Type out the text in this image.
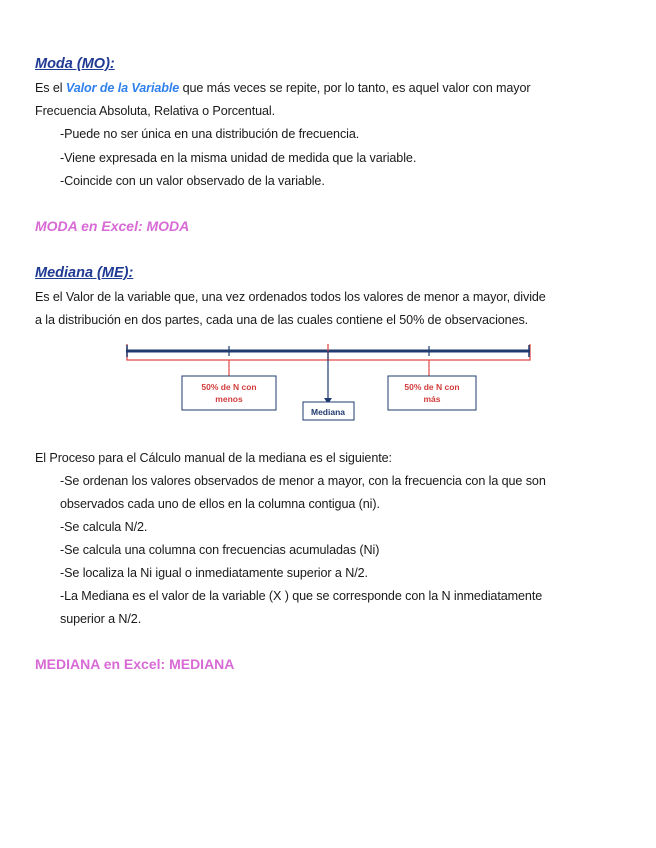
Moda (MO):

Es el Valor de la Variable que más veces se repite, por lo tanto, es aquel valor con mayor

Frecuencia Absoluta, Relativa o Porcentual.

-Puede no ser única en una distribución de frecuencia.

-Viene expresada en la misma unidad de medida que la variable.

-Coincide con un valor observado de la variable.

MODA en Excel: MODA

Mediana (ME):

Es el Valor de la variable que, una vez ordenados todos los valores de menor a mayor, divide

a la distribución en dos partes, cada una de las cuales contiene el 50% de observaciones.

50% de N con
menos
50% de N con
más
Mediana

El Proceso para el Cálculo manual de la mediana es el siguiente:

-Se ordenan los valores observados de menor a mayor, con la frecuencia con la que son

observados cada uno de ellos en la columna contigua (ni).

-Se calcula N/2.

-Se calcula una columna con frecuencias acumuladas (Ni)

-Se localiza la Ni igual o inmediatamente superior a N/2.

-La Mediana es el valor de la variable (X ) que se corresponde con la N inmediatamente

superior a N/2.

MEDIANA en Excel: MEDIANA
